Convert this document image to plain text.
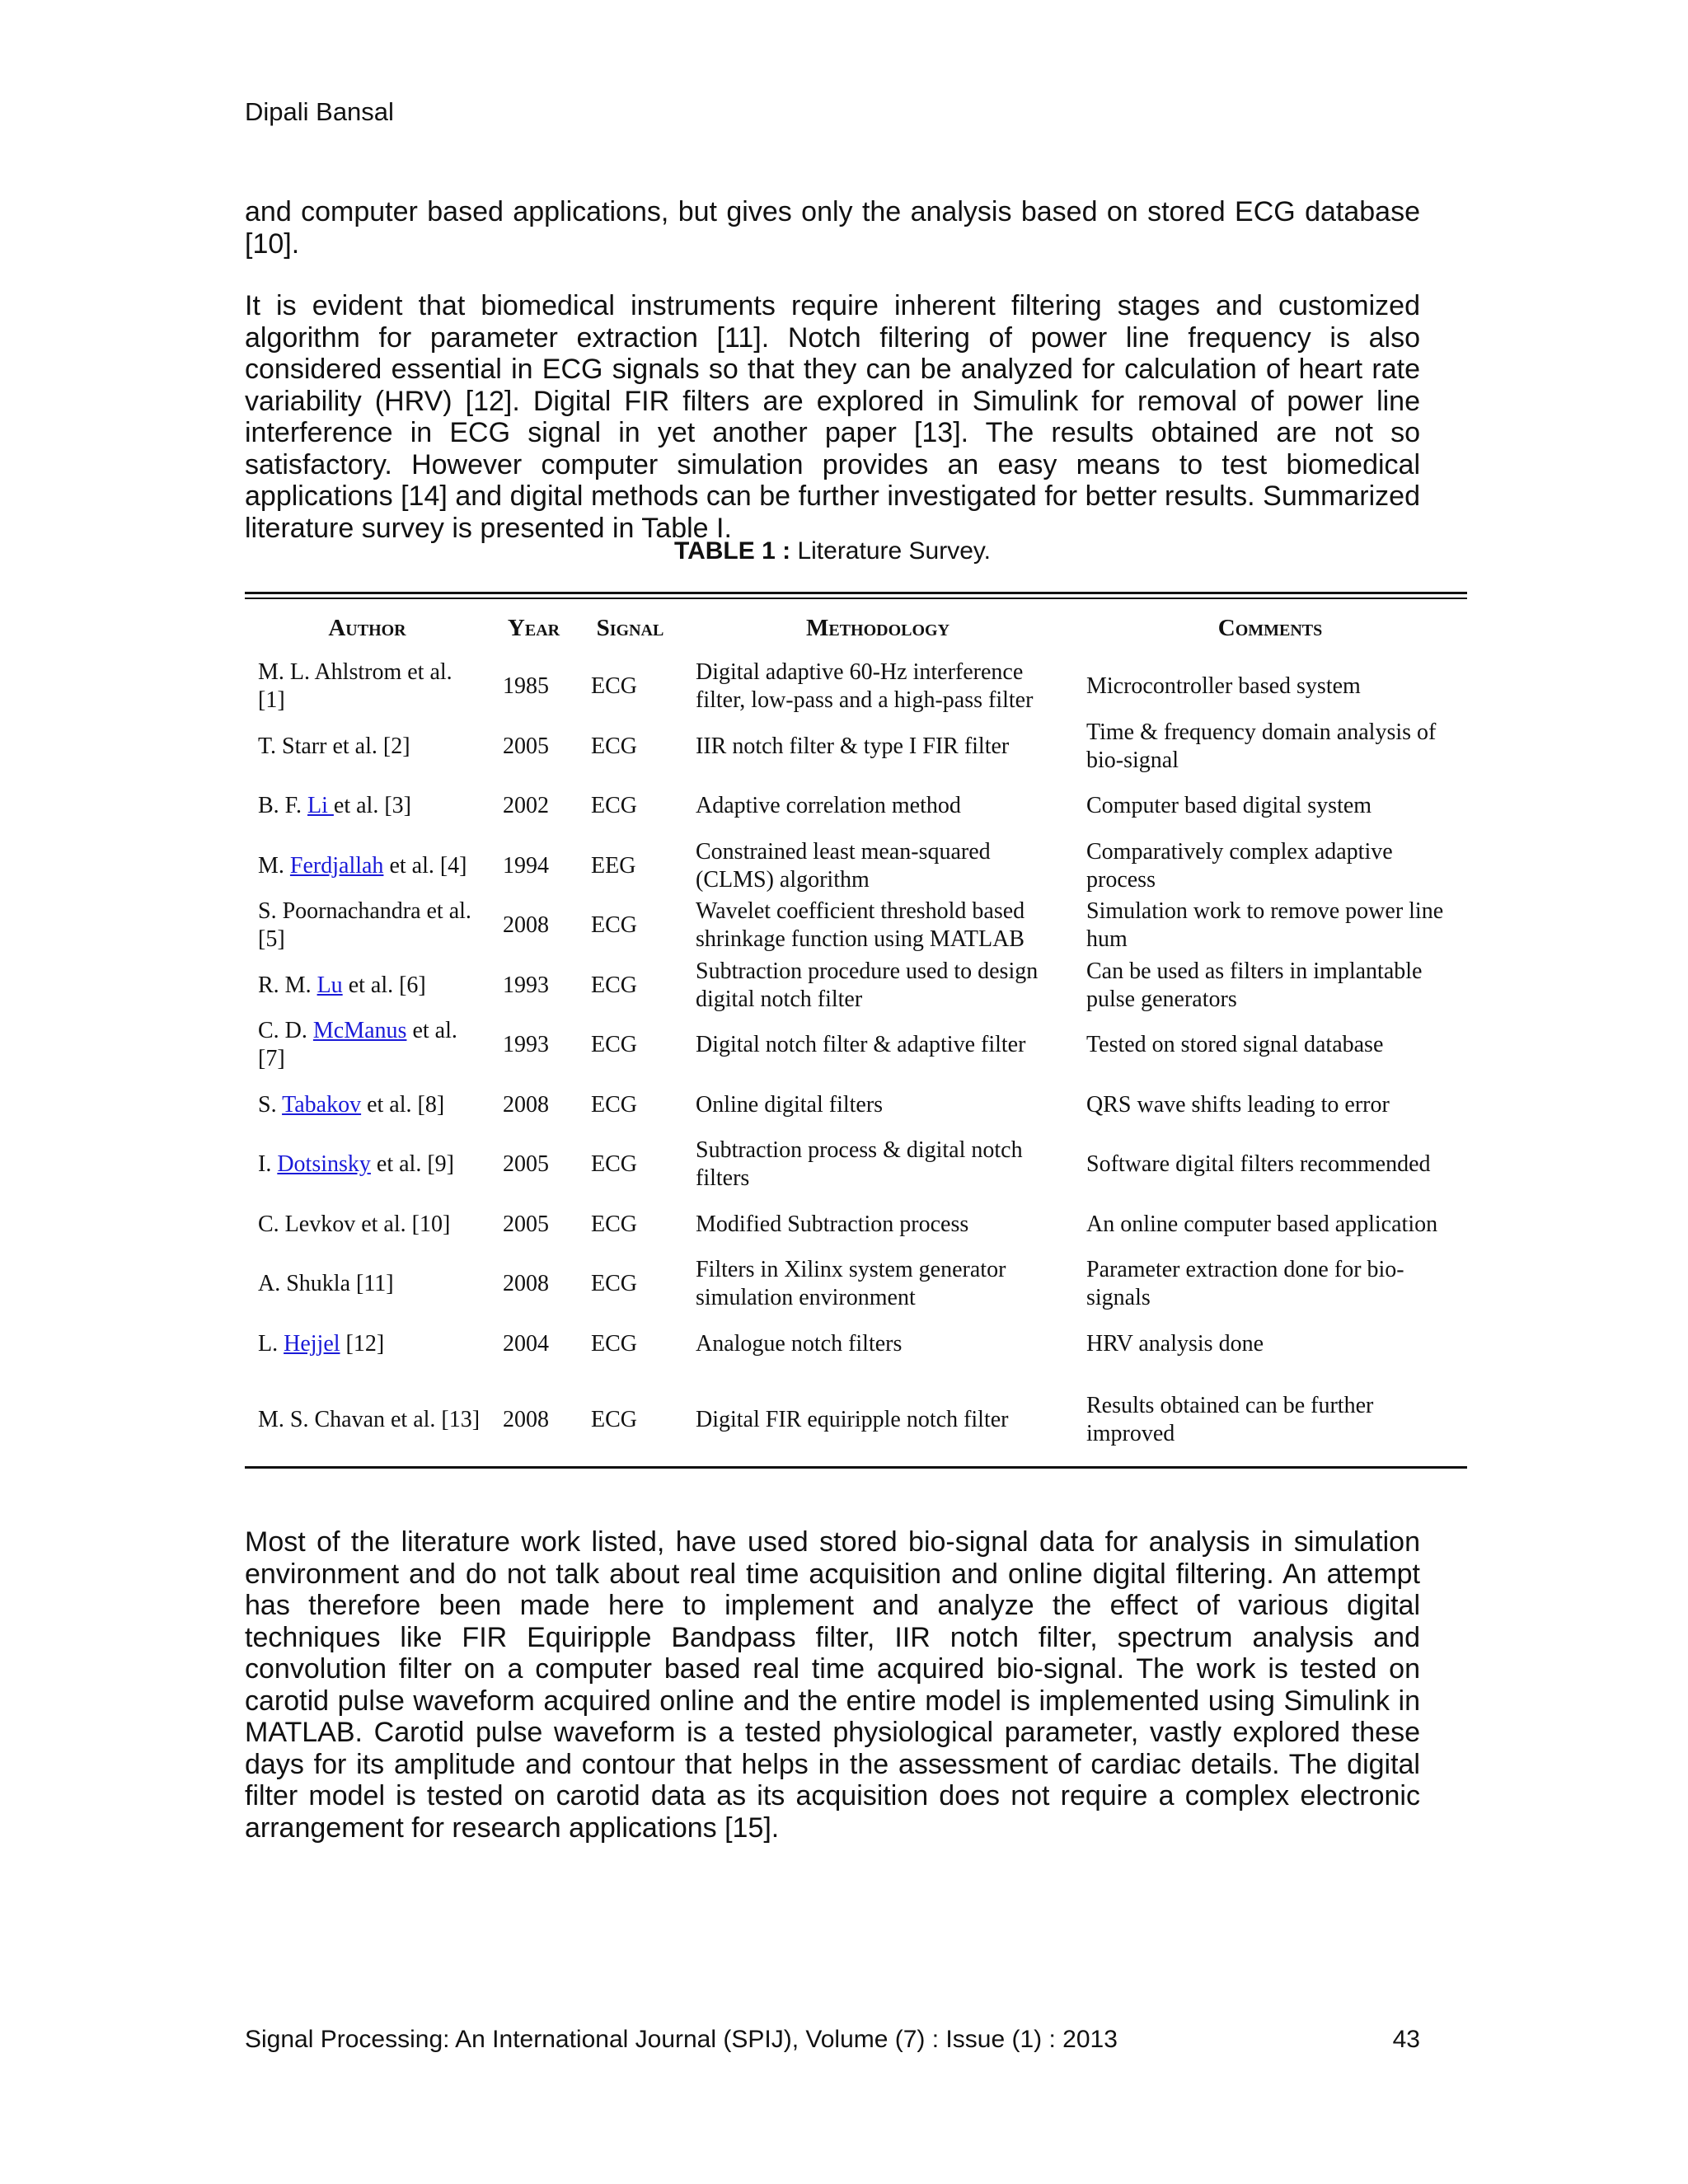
Dipali Bansal

and computer based applications, but gives only the analysis based on stored ECG database [10].

It is evident that biomedical instruments require inherent filtering stages and customized algorithm for parameter extraction [11]. Notch filtering of power line frequency is also considered essential in ECG signals so that they can be analyzed for calculation of heart rate variability (HRV) [12]. Digital FIR filters are explored in Simulink for removal of power line interference in ECG signal in yet another paper [13]. The results obtained are not so satisfactory. However computer simulation provides an easy means to test biomedical applications [14] and digital methods can be further investigated for better results. Summarized literature survey is presented in Table I.

TABLE 1 : Literature Survey.
Author	Year	Signal	Methodology	Comments
M. L. Ahlstrom et al. [1]	1985	ECG	Digital adaptive 60-Hz interference filter, low-pass and a high-pass filter	Microcontroller based system
T. Starr et al. [2]	2005	ECG	IIR notch filter & type I FIR filter	Time & frequency domain analysis of bio-signal
B. F. Li et al. [3]	2002	ECG	Adaptive correlation method	Computer based digital system
M. Ferdjallah et al. [4]	1994	EEG	Constrained least mean-squared (CLMS) algorithm	Comparatively complex adaptive process
S. Poornachandra et al. [5]	2008	ECG	Wavelet coefficient threshold based shrinkage function using MATLAB	Simulation work to remove power line hum
R. M. Lu et al. [6]	1993	ECG	Subtraction procedure used to design digital notch filter	Can be used as filters in implantable pulse generators
C. D. McManus et al. [7]	1993	ECG	Digital notch filter & adaptive filter	Tested on stored signal database
S. Tabakov et al. [8]	2008	ECG	Online digital filters	QRS wave shifts leading to error
I. Dotsinsky et al. [9]	2005	ECG	Subtraction process & digital notch filters	Software digital filters recommended
C. Levkov et al. [10]	2005	ECG	Modified Subtraction process	An online computer based application
A. Shukla [11]	2008	ECG	Filters in Xilinx system generator simulation environment	Parameter extraction done for bio-signals
L. Hejjel [12]	2004	ECG	Analogue notch filters	HRV analysis done
M. S. Chavan et al. [13]	2008	ECG	Digital FIR equiripple notch filter	Results obtained can be further improved

Most of the literature work listed, have used stored bio-signal data for analysis in simulation environment and do not talk about real time acquisition and online digital filtering. An attempt has therefore been made here to implement and analyze the effect of various digital techniques like FIR Equiripple Bandpass filter, IIR notch filter, spectrum analysis and convolution filter on a computer based real time acquired bio-signal. The work is tested on carotid pulse waveform acquired online and the entire model is implemented using Simulink in MATLAB. Carotid pulse waveform is a tested physiological parameter, vastly explored these days for its amplitude and contour that helps in the assessment of cardiac details. The digital filter model is tested on carotid data as its acquisition does not require a complex electronic arrangement for research applications [15].

Signal Processing: An International Journal (SPIJ), Volume (7) : Issue (1) : 2013	43
